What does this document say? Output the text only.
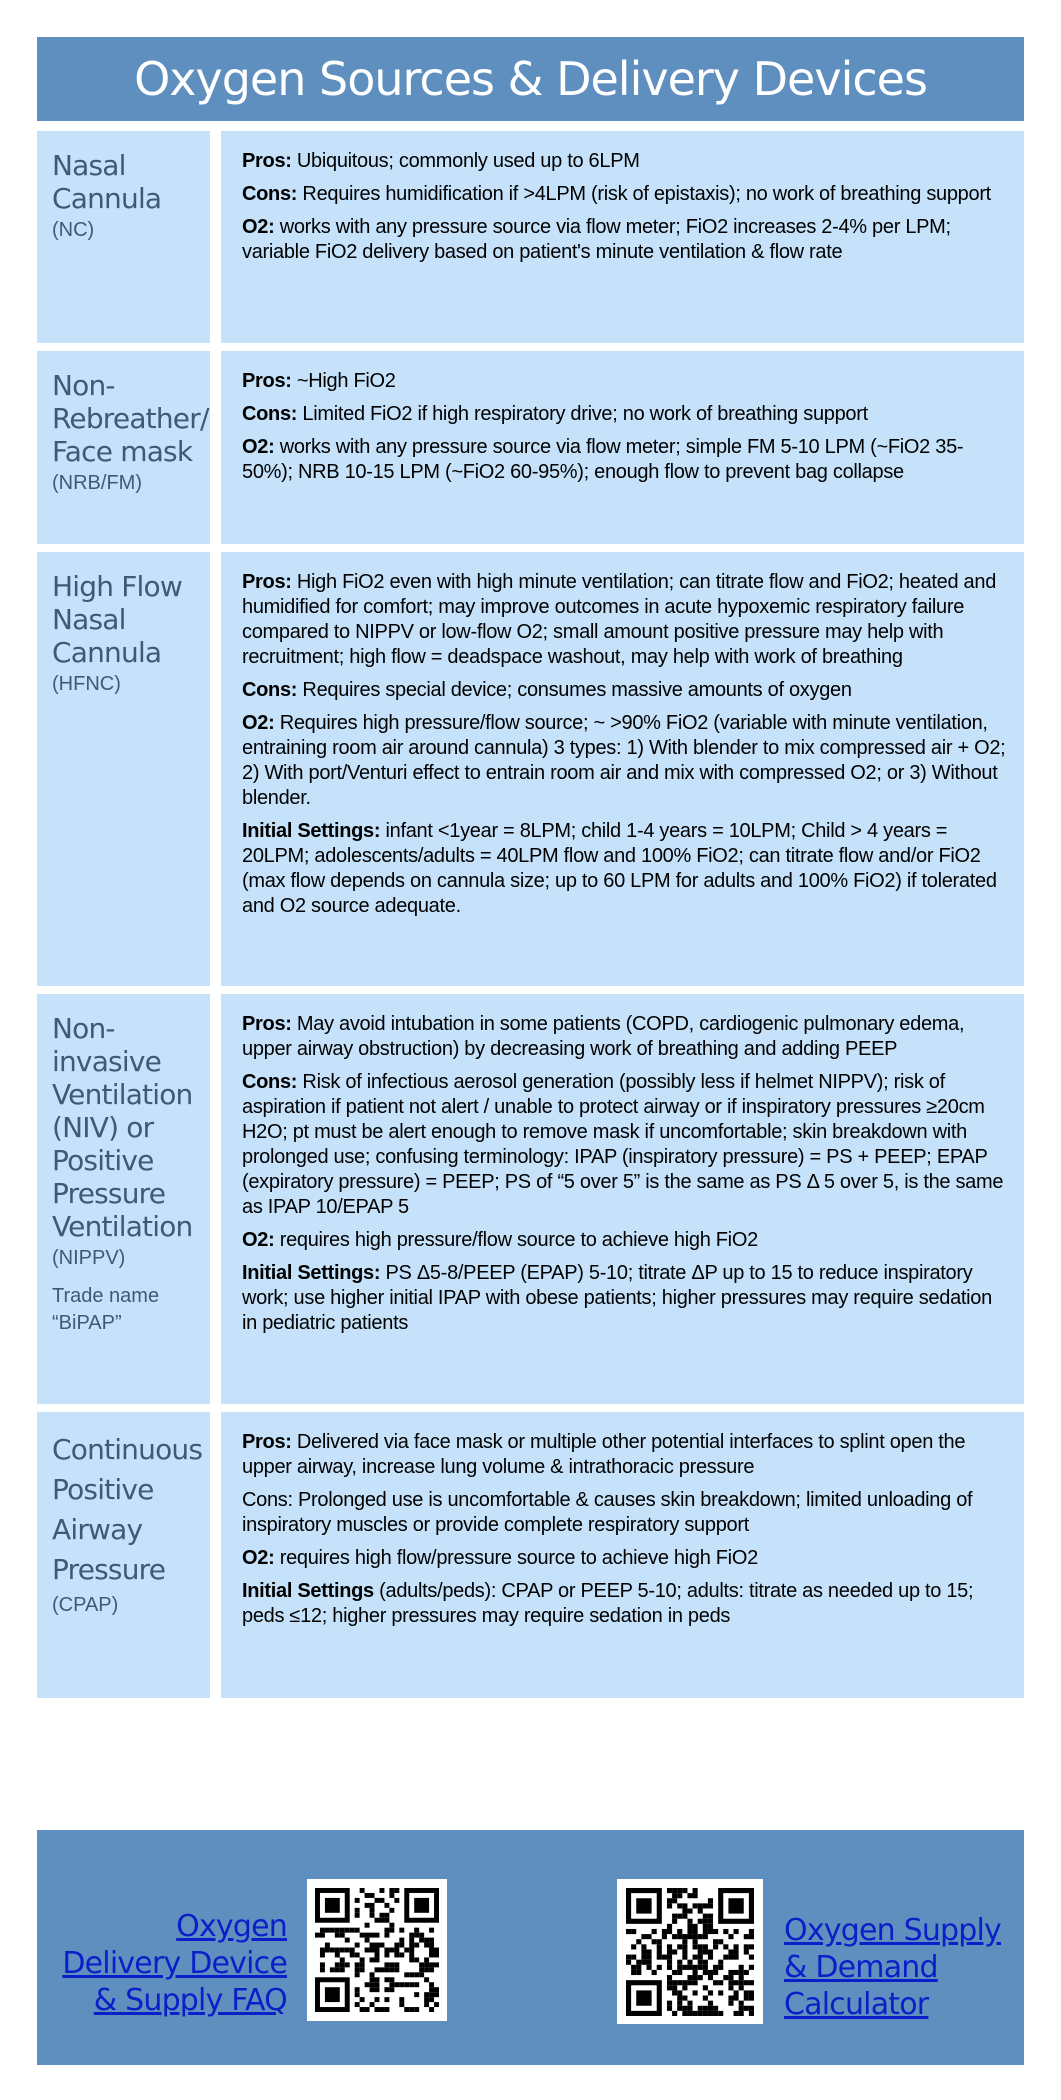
Oxygen Sources & Delivery Devices
Nasal
Cannula
(NC)

Pros: Ubiquitous; commonly used up to 6LPM

Cons: Requires humidification if >4LPM (risk of epistaxis); no work of breathing support

O2: works with any pressure source via flow meter; FiO2 increases 2-4% per LPM; variable FiO2 delivery based on patient's minute ventilation & flow rate

Non-
Rebreather/
Face mask
(NRB/FM)

Pros: ~High FiO2

Cons: Limited FiO2 if high respiratory drive; no work of breathing support

O2: works with any pressure source via flow meter; simple FM 5-10 LPM (~FiO2 35-50%); NRB 10-15 LPM (~FiO2 60-95%); enough flow to prevent bag collapse

High Flow
Nasal
Cannula
(HFNC)

Pros: High FiO2 even with high minute ventilation; can titrate flow and FiO2; heated and humidified for comfort; may improve outcomes in acute hypoxemic respiratory failure compared to NIPPV or low-flow O2; small amount positive pressure may help with recruitment; high flow = deadspace washout, may help with work of breathing

Cons: Requires special device; consumes massive amounts of oxygen

O2: Requires high pressure/flow source; ~ >90% FiO2 (variable with minute ventilation, entraining room air around cannula) 3 types: 1) With blender to mix compressed air + O2; 2) With port/Venturi effect to entrain room air and mix with compressed O2; or 3) Without blender.

Initial Settings: infant <1year = 8LPM; child 1-4 years = 10LPM; Child > 4 years = 20LPM; adolescents/adults = 40LPM flow and 100% FiO2; can titrate flow and/or FiO2 (max flow depends on cannula size; up to 60 LPM for adults and 100% FiO2) if tolerated and O2 source adequate.

Non-
invasive
Ventilation
(NIV) or
Positive
Pressure
Ventilation
(NIPPV)
Trade name “BiPAP”

Pros: May avoid intubation in some patients (COPD, cardiogenic pulmonary edema, upper airway obstruction) by decreasing work of breathing and adding PEEP

Cons: Risk of infectious aerosol generation (possibly less if helmet NIPPV); risk of aspiration if patient not alert / unable to protect airway or if inspiratory pressures ≥20cm H2O; pt must be alert enough to remove mask if uncomfortable; skin breakdown with prolonged use; confusing terminology: IPAP (inspiratory pressure) = PS + PEEP; EPAP (expiratory pressure) = PEEP; PS of “5 over 5” is the same as PS Δ 5 over 5, is the same as IPAP 10/EPAP 5

O2: requires high pressure/flow source to achieve high FiO2

Initial Settings: PS Δ5-8/PEEP (EPAP) 5-10; titrate ΔP up to 15 to reduce inspiratory work; use higher initial IPAP with obese patients; higher pressures may require sedation in pediatric patients

Continuous
Positive
Airway
Pressure
(CPAP)

Pros: Delivered via face mask or multiple other potential interfaces to splint open the upper airway, increase lung volume & intrathoracic pressure

Cons: Prolonged use is uncomfortable & causes skin breakdown; limited unloading of inspiratory muscles or provide complete respiratory support

O2: requires high flow/pressure source to achieve high FiO2

Initial Settings (adults/peds): CPAP or PEEP 5-10; adults: titrate as needed up to 15; peds ≤12; higher pressures may require sedation in peds

Oxygen
Delivery Device
& Supply FAQ
Oxygen Supply
& Demand
Calculator
